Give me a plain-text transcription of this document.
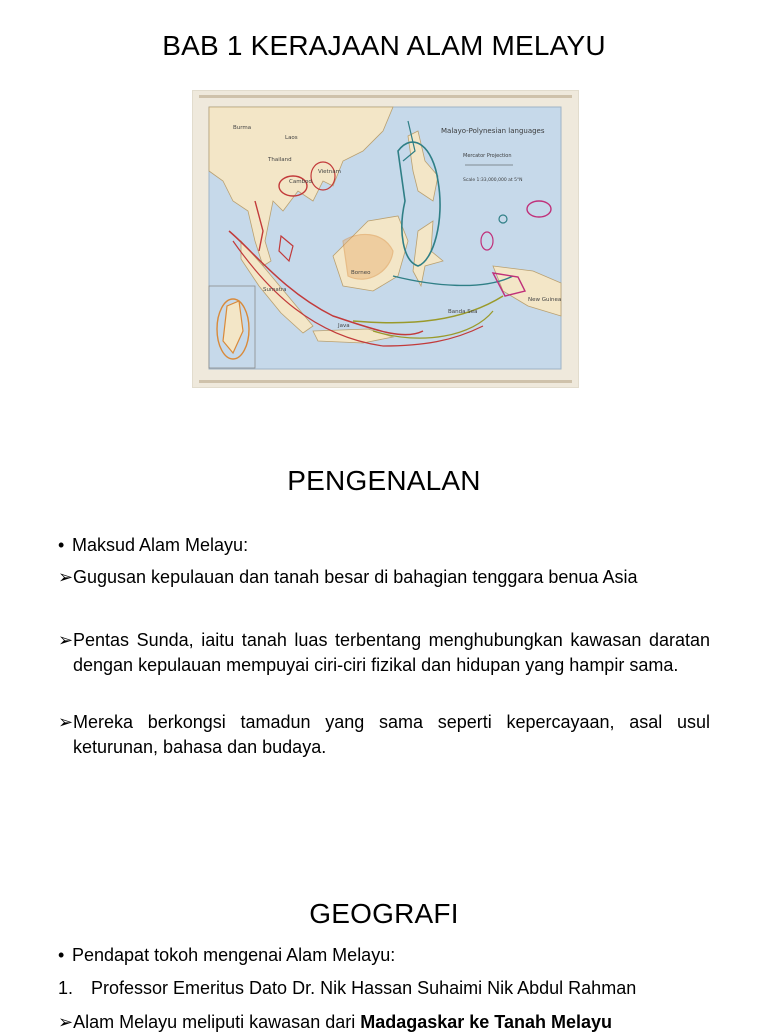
BAB 1 KERAJAAN ALAM MELAYU
Malayo-Polynesian languages
Mercator Projection
Scale 1:33,000,000 at 5°N
Burma
Laos
Thailand
Vietnam
Cambod.
Borneo
Sumatra
Java
Banda Sea
New Guinea
PENGENALAN
• Maksud Alam Melayu:
➢ Gugusan kepulauan dan tanah besar di bahagian tenggara benua Asia
➢ Pentas Sunda, iaitu tanah luas terbentang menghubungkan kawasan daratan dengan kepulauan mempuyai ciri-ciri fizikal dan hidupan yang hampir sama.
➢ Mereka berkongsi tamadun yang sama seperti kepercayaan, asal usul keturunan, bahasa dan budaya.
GEOGRAFI
• Pendapat tokoh mengenai Alam Melayu:
1. Professor Emeritus Dato Dr. Nik Hassan Suhaimi Nik Abdul Rahman
➢Alam Melayu meliputi kawasan dari Madagaskar ke Tanah Melayu
